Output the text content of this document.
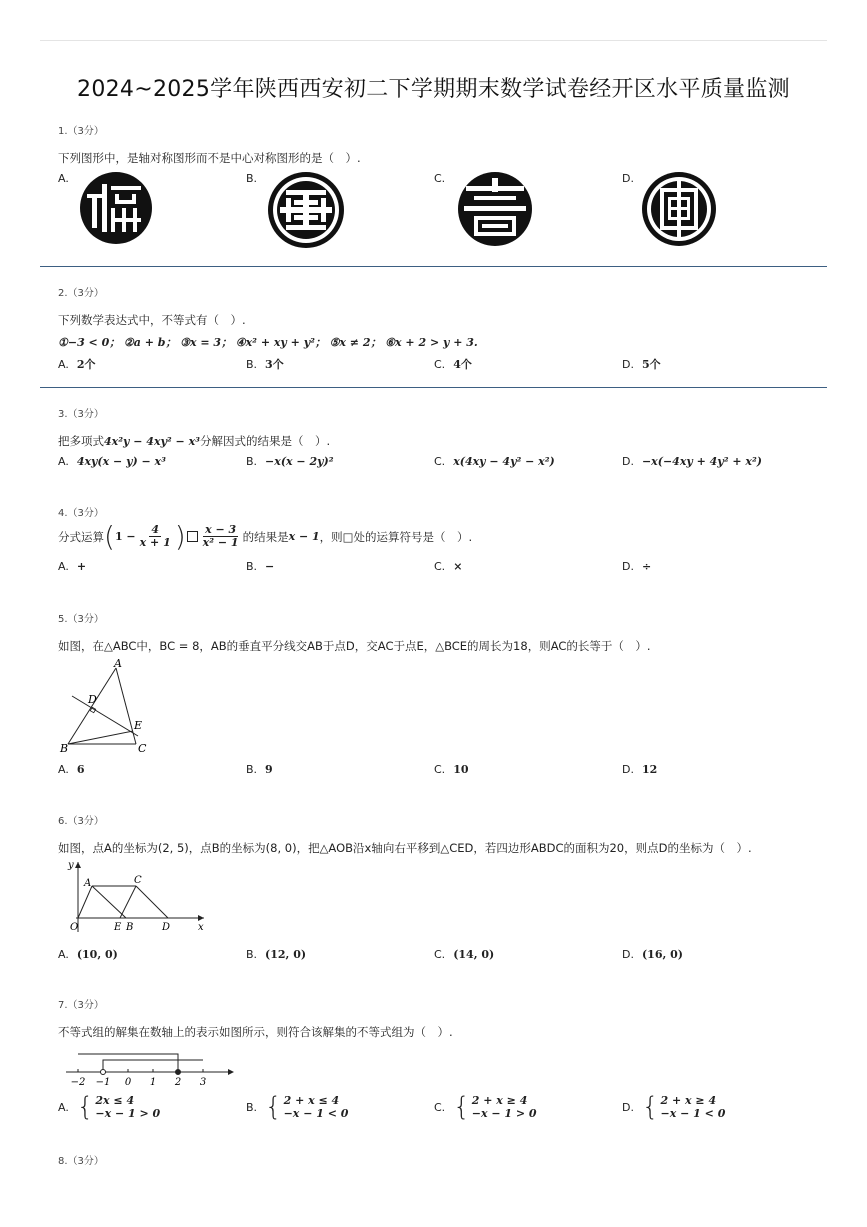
2024~2025学年陕西西安初二下学期期末数学试卷经开区水平质量监测
1.（3分）
下列图形中，是轴对称图形而不是中心对称图形的是（　）.
A.	B.	C.	D.
2.（3分）
下列数学表达式中，不等式有（　）.
①−3 < 0； ②a + b； ③x = 3； ④x² + xy + y²； ⑤x ≠ 2； ⑥x + 2 > y + 3.
A. 2个	B. 3个	C. 4个	D. 5个
3.（3分）
把多项式4x²y − 4xy² − x³分解因式的结果是（　）.
A. 4xy(x − y) − x³	B. −x(x − 2y)²	C. x(4xy − 4y² − x²)	D. −x(−4xy + 4y² + x²)
4.（3分）
分式运算 ( $1 - \frac{4}{x + 1}$ ) $\frac{x - 3}{\text{x² − 1}}$ 的结果是 x − 1 ，则□处的运算符号是（　）.
A. +	B. −	C. ×	D. ÷
5.（3分）
如图，在△ABC中，BC = 8，AB的垂直平分线交AB于点D，交AC于点E，△BCE的周长为18，则AC的长等于（　）.
A
D
E
B	C
A. 6	B. 9	C. 10	D. 12
6.（3分）
如图，点A的坐标为(2, 5)，点B的坐标为(8, 0)，把△AOB沿x轴向右平移到△CED，若四边形ABDC的面积为20，则点D的坐标为（　）.
y
x
O
A	C
E B	D
A. (10, 0)	B. (12, 0)	C. (14, 0)	D. (16, 0)
7.（3分）
不等式组的解集在数轴上的表示如图所示，则符合该解集的不等式组为（　）.
−2 −1 0 1 2 3
A. { 2x ≤ 4
−x − 1 > 0	B. { 2 + x ≤ 4
−x − 1 < 0	C. { 2 + x ≥ 4
−x − 1 > 0	D. { 2 + x ≥ 4
−x − 1 < 0
8.（3分）
